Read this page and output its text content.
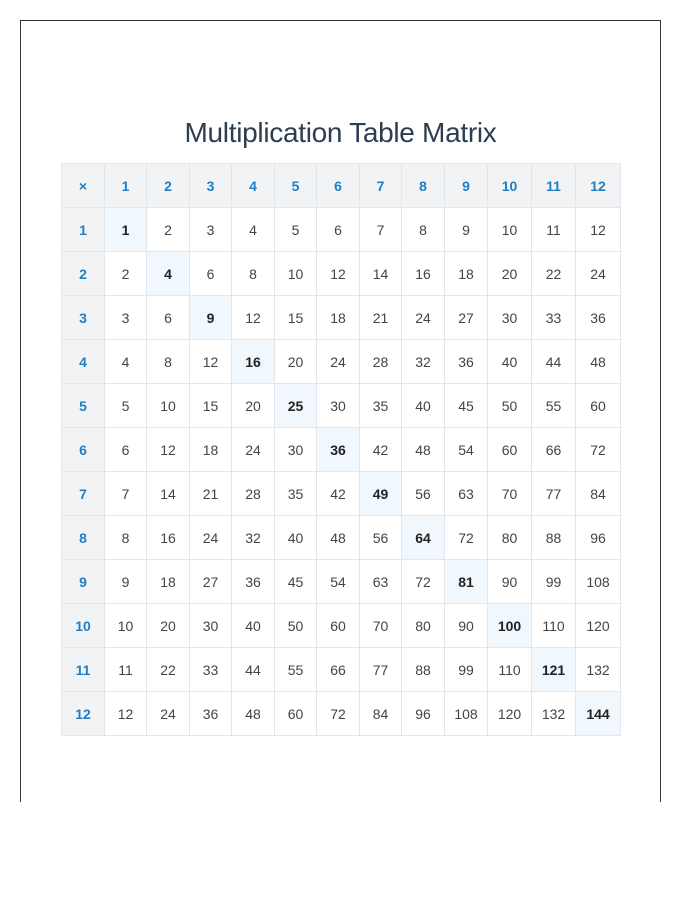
Multiplication Table Matrix
×	1	2	3	4	5	6	7	8	9	10	11	12
1	1	2	3	4	5	6	7	8	9	10	11	12
2	2	4	6	8	10	12	14	16	18	20	22	24
3	3	6	9	12	15	18	21	24	27	30	33	36
4	4	8	12	16	20	24	28	32	36	40	44	48
5	5	10	15	20	25	30	35	40	45	50	55	60
6	6	12	18	24	30	36	42	48	54	60	66	72
7	7	14	21	28	35	42	49	56	63	70	77	84
8	8	16	24	32	40	48	56	64	72	80	88	96
9	9	18	27	36	45	54	63	72	81	90	99	108
10	10	20	30	40	50	60	70	80	90	100	110	120
11	11	22	33	44	55	66	77	88	99	110	121	132
12	12	24	36	48	60	72	84	96	108	120	132	144
